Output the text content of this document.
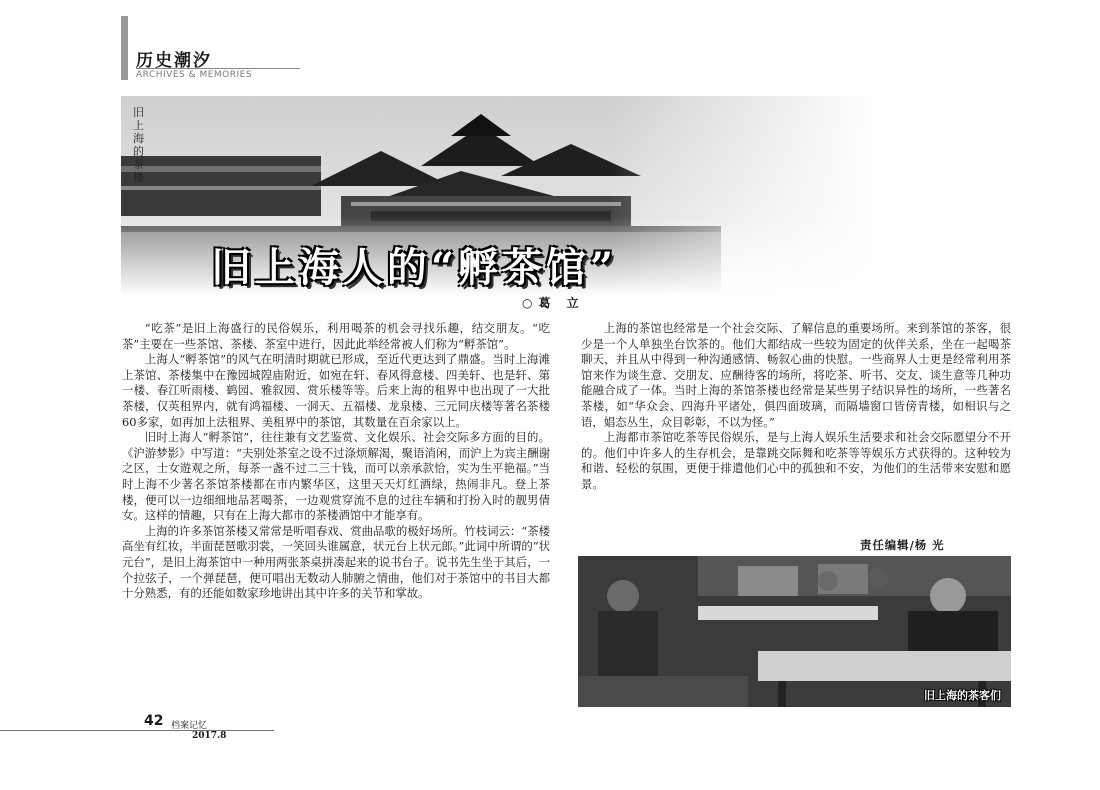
历史潮汐
ARCHIVES & MEMORIES
旧上海的茶楼
旧上海人的“孵茶馆”
○葛 立

“吃茶”是旧上海盛行的民俗娱乐，利用喝茶的机会寻找乐趣，结交朋友。“吃茶”主要在一些茶馆、茶楼、茶室中进行，因此此举经常被人们称为“孵茶馆”。

上海人“孵茶馆”的风气在明清时期就已形成，至近代更达到了鼎盛。当时上海滩上茶馆、茶楼集中在豫园城隍庙附近，如宛在轩、春风得意楼、四美轩、也是轩、第一楼、春江听雨楼、鹤园、雅叙园、赏乐楼等等。后来上海的租界中也出现了一大批茶楼，仅英租界内，就有鸿福楼、一洞天、五福楼、龙泉楼、三元同庆楼等著名茶楼60多家，如再加上法租界、美租界中的茶馆，其数量在百余家以上。

旧时上海人“孵茶馆”，往往兼有文艺鉴赏、文化娱乐、社会交际多方面的目的。《沪游梦影》中写道：“夫别处茶室之设不过涤烦解渴，聚语消闲，而沪上为宾主酬谢之区，士女遊观之所，每茶一盏不过二三十钱，而可以亲承款恰，实为生平艳福。”当时上海不少著名茶馆茶楼都在市内繁华区，这里天天灯红酒绿，热闹非凡。登上茶楼，便可以一边细细地品茗喝茶，一边观赏穿流不息的过往车辆和打扮入时的靓男倩女。这样的情趣，只有在上海大都市的茶楼酒馆中才能享有。

上海的许多茶馆茶楼又常常是听唱春戏、赏曲品歌的极好场所。竹枝词云：“茶楼高坐有红妆，半面琵琶歌羽裳，一笑回头谁属意，状元台上状元郎。”此词中所谓的“状元台”，是旧上海茶馆中一种用两张茶桌拼凑起来的说书台子。说书先生坐于其后，一个拉弦子，一个弹琵琶，便可唱出无数动人肺腑之情曲，他们对于茶馆中的书目大都十分熟悉，有的还能如数家珍地讲出其中许多的关节和掌故。

上海的茶馆也经常是一个社会交际、了解信息的重要场所。来到茶馆的茶客，很少是一个人单独坐台饮茶的。他们大都结成一些较为固定的伙伴关系，坐在一起喝茶聊天，并且从中得到一种沟通感情、畅叙心曲的快慰。一些商界人士更是经常利用茶馆来作为谈生意、交朋友、应酬待客的场所，将吃茶、听书、交友、谈生意等几种功能融合成了一体。当时上海的茶馆茶楼也经常是某些男子结识异性的场所，一些著名茶楼，如“华众会、四海升平诸处，俱四面玻璃，而隔墙窗口皆傍青楼，如相识与之语，娼态丛生，众目彰彰，不以为怪。”

上海都市茶馆吃茶等民俗娱乐，是与上海人娱乐生活要求和社会交际愿望分不开的。他们中许多人的生存机会，是靠跳交际舞和吃茶等等娱乐方式获得的。这种较为和谐、轻松的氛围，更便于排遣他们心中的孤独和不安，为他们的生活带来安慰和愿景。

责任编辑/杨 光
旧上海的茶客们
42 档案记忆
2017.8
